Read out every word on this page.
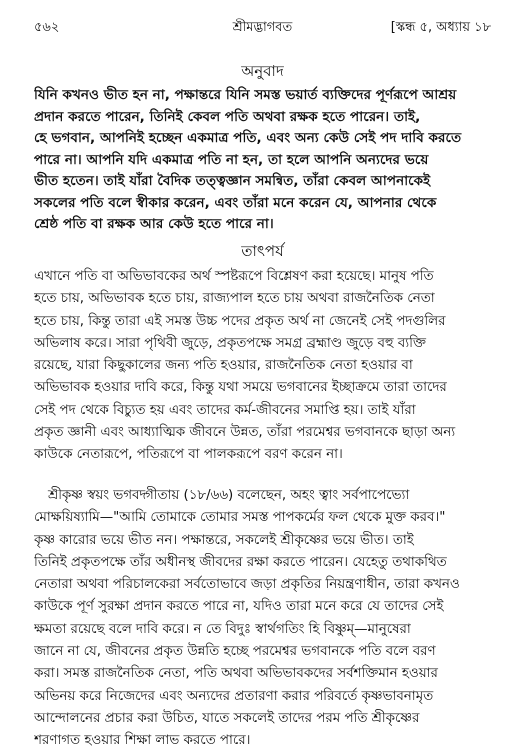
৫৬২	শ্রীমদ্ভাগবত	[স্কন্ধ ৫, অধ্যায় ১৮
অনুবাদ
যিনি কখনও ভীত হন না, পক্ষান্তরে যিনি সমস্ত ভয়ার্ত ব্যক্তিদের পূর্ণরূপে আশ্রয়
প্রদান করতে পারেন, তিনিই কেবল পতি অথবা রক্ষক হতে পারেন। তাই,
হে ভগবান, আপনিই হচ্ছেন একমাত্র পতি, এবং অন্য কেউ সেই পদ দাবি করতে
পারে না। আপনি যদি একমাত্র পতি না হন, তা হলে আপনি অন্যদের ভয়ে
ভীত হতেন। তাই যাঁরা বৈদিক তত্ত্বজ্ঞান সমন্বিত, তাঁরা কেবল আপনাকেই
সকলের পতি বলে স্বীকার করেন, এবং তাঁরা মনে করেন যে, আপনার থেকে
শ্রেষ্ঠ পতি বা রক্ষক আর কেউ হতে পারে না।
তাৎপর্য
এখানে পতি বা অভিভাবকের অর্থ স্পষ্টরূপে বিশ্লেষণ করা হয়েছে। মানুষ পতি
হতে চায়, অভিভাবক হতে চায়, রাজ্যপাল হতে চায় অথবা রাজনৈতিক নেতা
হতে চায়, কিন্তু তারা এই সমস্ত উচ্চ পদের প্রকৃত অর্থ না জেনেই সেই পদগুলির
অভিলাষ করে। সারা পৃথিবী জুড়ে, প্রকৃতপক্ষে সমগ্র ব্রহ্মাণ্ড জুড়ে বহু ব্যক্তি
রয়েছে, যারা কিছুকালের জন্য পতি হওয়ার, রাজনৈতিক নেতা হওয়ার বা
অভিভাবক হওয়ার দাবি করে, কিন্তু যথা সময়ে ভগবানের ইচ্ছাক্রমে তারা তাদের
সেই পদ থেকে বিচ্যুত হয় এবং তাদের কর্ম-জীবনের সমাপ্তি হয়। তাই যাঁরা
প্রকৃত জ্ঞানী এবং আধ্যাত্মিক জীবনে উন্নত, তাঁরা পরমেশ্বর ভগবানকে ছাড়া অন্য
কাউকে নেতারূপে, পতিরূপে বা পালকরূপে বরণ করেন না।
শ্রীকৃষ্ণ স্বয়ং ভগবদ্গীতায় (১৮/৬৬) বলেছেন, অহং ত্বাং সর্বপাপেভ্যো
মোক্ষয়িষ্যামি—"আমি তোমাকে তোমার সমস্ত পাপকর্মের ফল থেকে মুক্ত করব।"
কৃষ্ণ কারোর ভয়ে ভীত নন। পক্ষান্তরে, সকলেই শ্রীকৃষ্ণের ভয়ে ভীত। তাই
তিনিই প্রকৃতপক্ষে তাঁর অধীনস্থ জীবদের রক্ষা করতে পারেন। যেহেতু তথাকথিত
নেতারা অথবা পরিচালকেরা সর্বতোভাবে জড়া প্রকৃতির নিয়ন্ত্রণাধীন, তারা কখনও
কাউকে পূর্ণ সুরক্ষা প্রদান করতে পারে না, যদিও তারা মনে করে যে তাদের সেই
ক্ষমতা রয়েছে বলে দাবি করে। ন তে বিদুঃ স্বার্থগতিং হি বিষ্ণুম্—মানুষেরা
জানে না যে, জীবনের প্রকৃত উন্নতি হচ্ছে পরমেশ্বর ভগবানকে পতি বলে বরণ
করা। সমস্ত রাজনৈতিক নেতা, পতি অথবা অভিভাবকদের সর্বশক্তিমান হওয়ার
অভিনয় করে নিজেদের এবং অন্যদের প্রতারণা করার পরিবর্তে কৃষ্ণভাবনামৃত
আন্দোলনের প্রচার করা উচিত, যাতে সকলেই তাদের পরম পতি শ্রীকৃষ্ণের
শরণাগত হওয়ার শিক্ষা লাভ করতে পারে।
